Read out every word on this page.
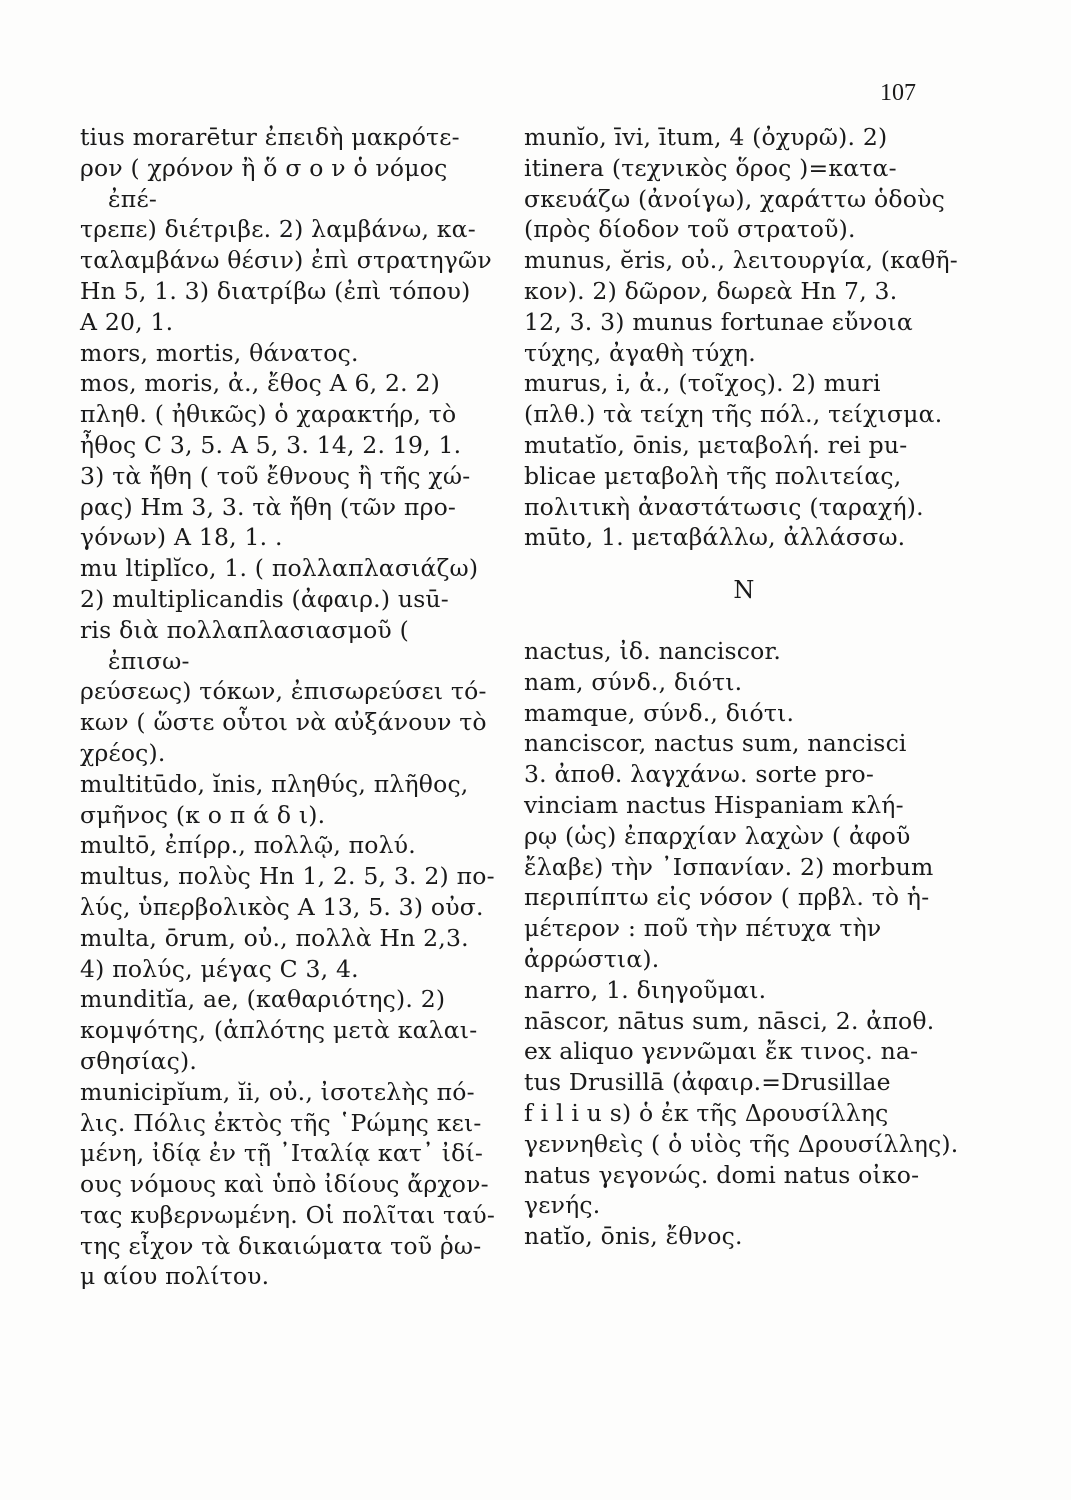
107

tius morarētur ἐπειδὴ μακρότε-
ρον ( χρόνον ἢ ὅ σ ο ν ὁ νόμος ἐπέ-
τρεπε) διέτριβε. 2) λαμβάνω, κα-
ταλαμβάνω θέσιν) ἐπὶ στρατηγῶν
Hn 5, 1. 3) διατρίβω (ἐπὶ τόπου)
A 20, 1.

mors, mortis, θάνατος.

mos, moris, ἀ., ἔθος A 6, 2. 2)
πληθ. ( ἠθικῶς) ὁ χαρακτήρ, τὸ
ἦθος C 3, 5. A 5, 3. 14, 2. 19, 1.
3) τὰ ἤθη ( τοῦ ἔθνους ἢ τῆς χώ-
ρας) Hm 3, 3. τὰ ἤθη (τῶν προ-
γόνων) A 18, 1. .

mu ltiplĭco, 1. ( πολλαπλασιάζω)
2) multiplicandis (ἀφαιρ.) usū-
ris διὰ πολλαπλασιασμοῦ ( ἐπισω-
ρεύσεως) τόκων, ἐπισωρεύσει τό-
κων ( ὥστε οὗτοι νὰ αὐξάνουν τὸ
χρέος).

multitūdo, ĭnis, πληθύς, πλῆθος,
σμῆνος (κ ο π ά δ ι).

multō, ἐπίρρ., πολλῷ, πολύ.

multus, πολὺς Hn 1, 2. 5, 3. 2) πο-
λύς, ὑπερβολικὸς A 13, 5. 3) οὐσ.
multa, ōrum, οὐ., πολλὰ Hn 2,3.
4) πολύς, μέγας C 3, 4.

munditĭa, ae, (καθαριότης). 2)
κομψότης, (ἁπλότης μετὰ καλαι-
σθησίας).

municipĭum, ĭi, οὐ., ἰσοτελὴς πό-
λις. Πόλις ἐκτὸς τῆς ῾Ρώμης κει-
μένη, ἰδίᾳ ἐν τῇ ᾿Ιταλίᾳ κατ᾿ ἰδί-
ους νόμους καὶ ὑπὸ ἰδίους ἄρχον-
τας κυβερνωμένη. Οἱ πολῖται ταύ-
της εἶχον τὰ δικαιώματα τοῦ ῥω-
μ αίου πολίτου.

munĭo, īvi, ītum, 4 (ὀχυρῶ). 2)
itinera (τεχνικὸς ὅρος )=κατα-
σκευάζω (ἀνοίγω), χαράττω ὁδοὺς
(πρὸς δίοδον τοῦ στρατοῦ).

munus, ĕris, οὐ., λειτουργία, (καθῆ-
κον). 2) δῶρον, δωρεὰ Hn 7, 3.
12, 3. 3) munus fortunae εὔνοια
τύχης, ἀγαθὴ τύχη.

murus, i, ἀ., (τοῖχος). 2) muri
(πλθ.) τὰ τείχη τῆς πόλ., τείχισμα.

mutatĭo, ōnis, μεταβολή. rei pu-
blicae μεταβολὴ τῆς πολιτείας,
πολιτικὴ ἀναστάτωσις (ταραχή).

mūto, 1. μεταβάλλω, ἀλλάσσω.

N

nactus, ἰδ. nanciscor.

nam, σύνδ., διότι.

mamque, σύνδ., διότι.

nanciscor, nactus sum, nancisci
3. ἀποθ. λαγχάνω. sorte pro-
vinciam nactus Hispaniam κλή-
ρῳ (ὡς) ἐπαρχίαν λαχὼν ( ἀφοῦ
ἔλαβε) τὴν ᾿Ισπανίαν. 2) morbum
περιπίπτω εἰς νόσον ( πρβλ. τὸ ἡ-
μέτερον : ποῦ τὴν πέτυχα τὴν
ἀρρώστια).

narro, 1. διηγοῦμαι.

nāscor, nātus sum, nāsci, 2. ἀποθ.
ex aliquo γεννῶμαι ἔκ τινος. na-
tus Drusillā (ἀφαιρ.=Drusillae
f i l i u s) ὁ ἐκ τῆς Δρουσίλλης
γεννηθεὶς ( ὁ υἱὸς τῆς Δρουσίλλης).
natus γεγονώς. domi natus οἰκο-
γενής.

natĭo, ōnis, ἔθνος.
